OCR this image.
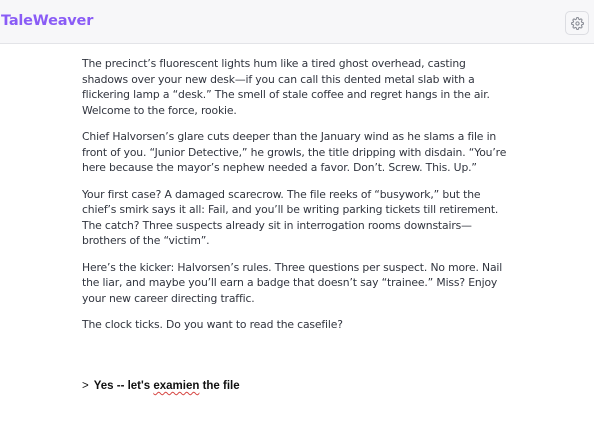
TaleWeaver

The precinct’s fluorescent lights hum like a tired ghost overhead, casting shadows over your new desk—if you can call this dented metal slab with a flickering lamp a “desk.” The smell of stale coffee and regret hangs in the air. Welcome to the force, rookie.

Chief Halvorsen’s glare cuts deeper than the January wind as he slams a file in front of you. “Junior Detective,” he growls, the title dripping with disdain. “You’re here because the mayor’s nephew needed a favor. Don’t. Screw. This. Up.”

Your first case? A damaged scarecrow. The file reeks of “busywork,” but the chief’s smirk says it all: Fail, and you’ll be writing parking tickets till retirement. The catch? Three suspects already sit in interrogation rooms downstairs—brothers of the “victim”.

Here’s the kicker: Halvorsen’s rules. Three questions per suspect. No more. Nail the liar, and maybe you’ll earn a badge that doesn’t say “trainee.” Miss? Enjoy your new career directing traffic.

The clock ticks. Do you want to read the casefile?

> Yes -- let's examien the file
